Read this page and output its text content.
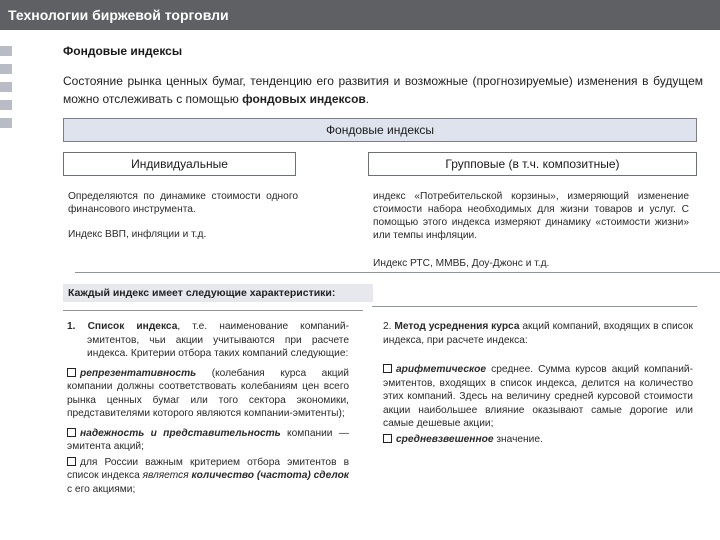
Технологии биржевой торговли
Фондовые индексы
Состояние рынка ценных бумаг, тенденцию его развития и возможные (прогнозируемые) изменения в будущем можно отслеживать с помощью фондовых индексов.
Фондовые индексы
Индивидуальные	Групповые (в т.ч. композитные)
Определяются по динамике стоимости одного финансового инструмента.
Индекс ВВП, инфляции и т.д.
индекс «Потребительской корзины», измеряющий изменение стоимости набора необходимых для жизни товаров и услуг. С помощью этого индекса измеряют динамику «стоимости жизни» или темпы инфляции.
Индекс РТС, ММВБ, Доу-Джонс и т.д.
Каждый индекс имеет следующие характеристики:

1. Список индекса, т.е. наименование компаний-эмитентов, чьи акции учитываются при расчете индекса. Критерии отбора таких компаний следующие:

репрезентативность (колебания курса акций компании должны соответствовать колебаниям цен всего рынка ценных бумаг или того сектора экономики, представителями которого являются компании-эмитенты);

надежность и представительность компании — эмитента акций;

для России важным критерием отбора эмитентов в список индекса является количество (частота) сделок с его акциями;

2. Метод усреднения курса акций компаний, входящих в список индекса, при расчете индекса:

арифметическое среднее. Сумма курсов акций компаний-эмитентов, входящих в список индекса, делится на количество этих компаний. Здесь на величину средней курсовой стоимости акции наибольшее влияние оказывают самые дорогие или самые дешевые акции;

средневзвешенное значение.
